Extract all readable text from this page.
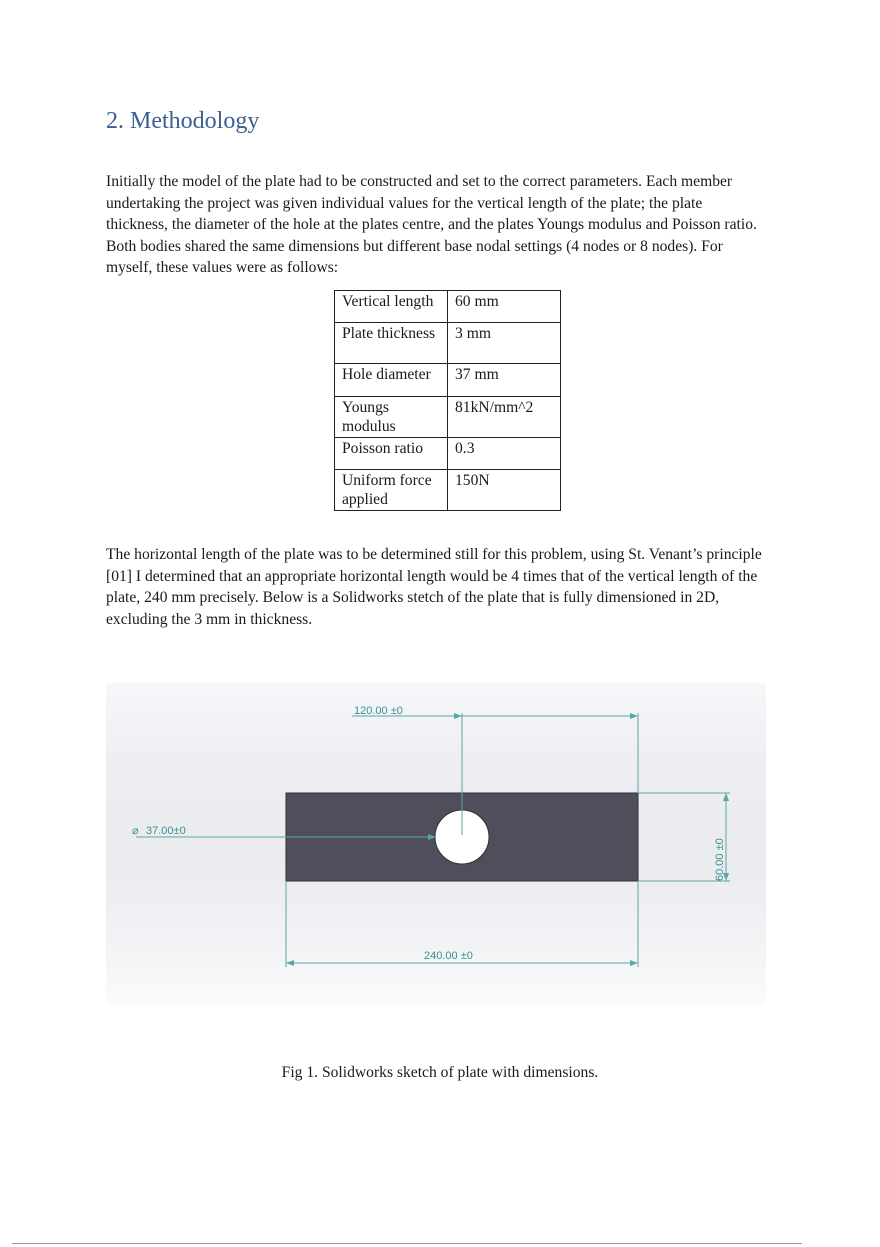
2. Methodology

Initially the model of the plate had to be constructed and set to the correct parameters. Each member undertaking the project was given individual values for the vertical length of the plate; the plate thickness, the diameter of the hole at the plates centre, and the plates Youngs modulus and Poisson ratio. Both bodies shared the same dimensions but different base nodal settings (4 nodes or 8 nodes). For myself, these values were as follows:

Vertical length	60 mm
Plate thickness	3 mm
Hole diameter	37 mm
Youngs modulus	81kN/mm^2
Poisson ratio	0.3
Uniform force applied	150N

The horizontal length of the plate was to be determined still for this problem, using St. Venant’s principle [01] I determined that an appropriate horizontal length would be 4 times that of the vertical length of the plate, 240 mm precisely. Below is a Solidworks stetch of the plate that is fully dimensioned in 2D, excluding the 3 mm in thickness.

120.00 ±0
⌀ 37.00±0
60.00 ±0
240.00 ±0
Fig 1. Solidworks sketch of plate with dimensions.
